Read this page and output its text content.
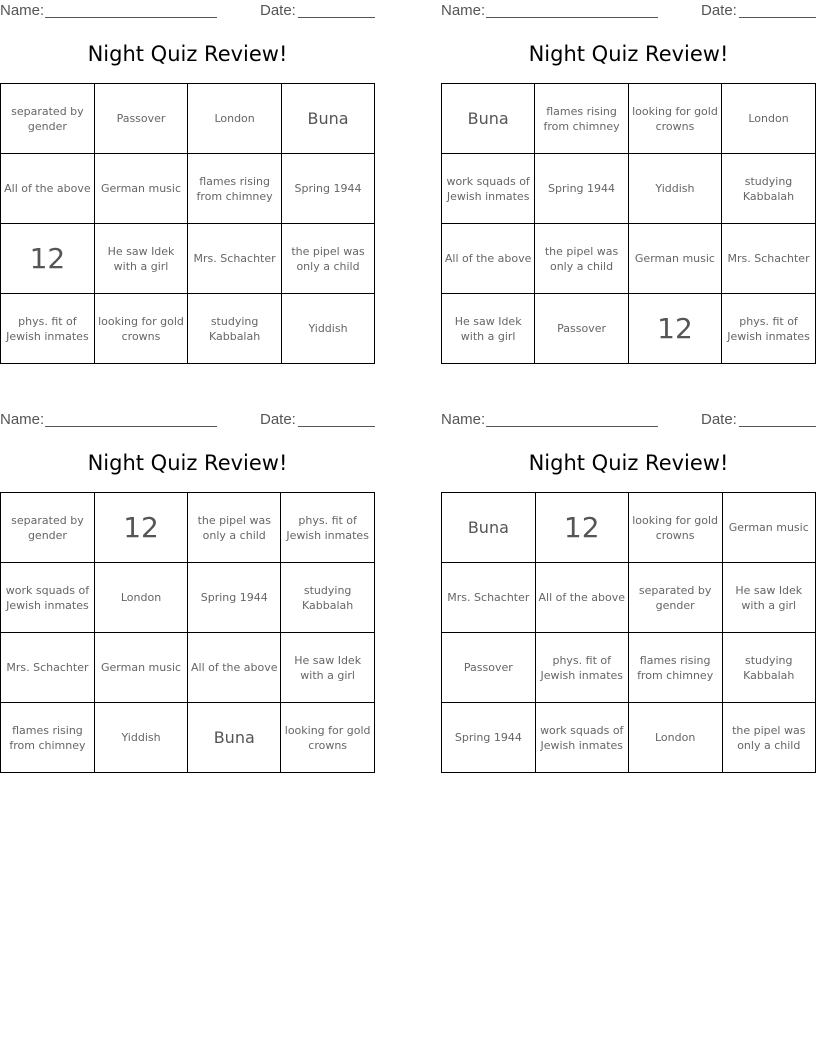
Name:	Date:
Night Quiz Review!
separated by gender	Passover	London	Buna
All of the above	German music	flames rising from chimney	Spring 1944
12	He saw Idek with a girl	Mrs. Schachter	the pipel was only a child
phys. fit of Jewish inmates	looking for gold crowns	studying Kabbalah	Yiddish
Name:	Date:
Night Quiz Review!
Buna	flames rising from chimney	looking for gold crowns	London
work squads of Jewish inmates	Spring 1944	Yiddish	studying Kabbalah
All of the above	the pipel was only a child	German music	Mrs. Schachter
He saw Idek with a girl	Passover	12	phys. fit of Jewish inmates
Name:	Date:
Night Quiz Review!
separated by gender	12	the pipel was only a child	phys. fit of Jewish inmates
work squads of Jewish inmates	London	Spring 1944	studying Kabbalah
Mrs. Schachter	German music	All of the above	He saw Idek with a girl
flames rising from chimney	Yiddish	Buna	looking for gold crowns
Name:	Date:
Night Quiz Review!
Buna	12	looking for gold crowns	German music
Mrs. Schachter	All of the above	separated by gender	He saw Idek with a girl
Passover	phys. fit of Jewish inmates	flames rising from chimney	studying Kabbalah
Spring 1944	work squads of Jewish inmates	London	the pipel was only a child
